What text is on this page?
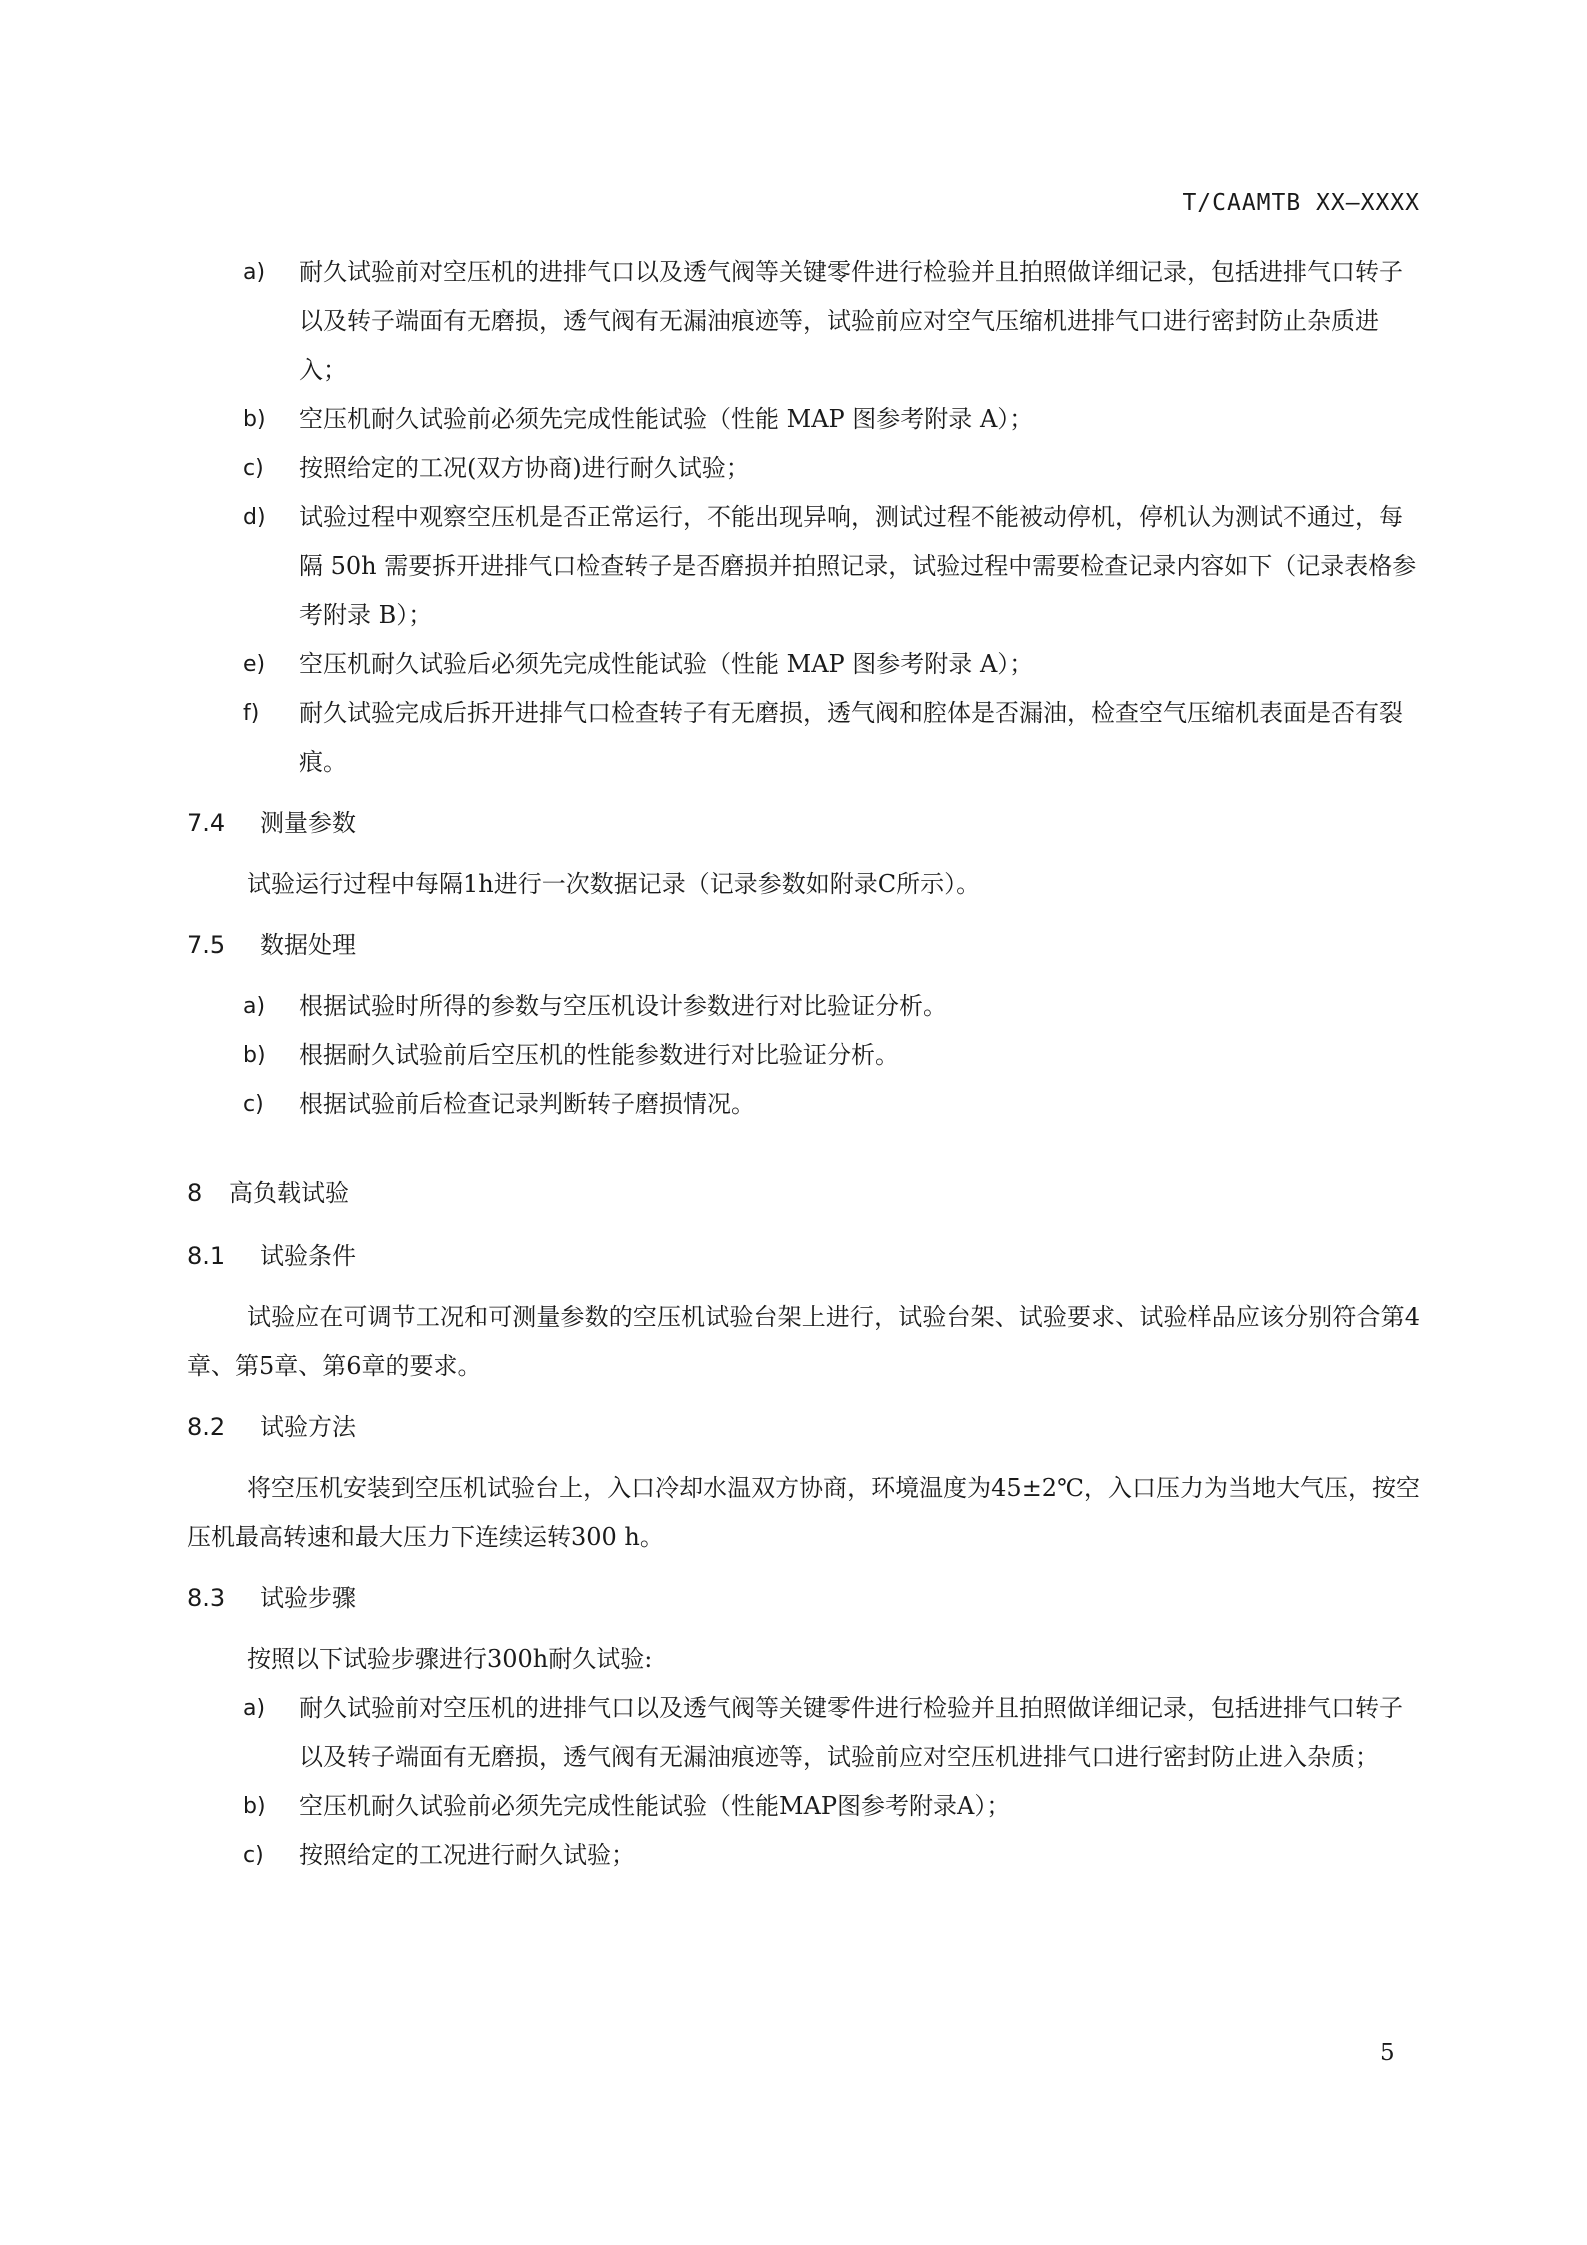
T/CAAMTB XX—XXXX
a) 耐久试验前对空压机的进排气口以及透气阀等关键零件进行检验并且拍照做详细记录，包括进排气口转子以及转子端面有无磨损，透气阀有无漏油痕迹等，试验前应对空气压缩机进排气口进行密封防止杂质进入；
b) 空压机耐久试验前必须先完成性能试验（性能 MAP 图参考附录 A）；
c) 按照给定的工况(双方协商)进行耐久试验；
d) 试验过程中观察空压机是否正常运行，不能出现异响，测试过程不能被动停机，停机认为测试不通过，每隔 50h 需要拆开进排气口检查转子是否磨损并拍照记录，试验过程中需要检查记录内容如下（记录表格参考附录 B）；
e) 空压机耐久试验后必须先完成性能试验（性能 MAP 图参考附录 A）；
f) 耐久试验完成后拆开进排气口检查转子有无磨损，透气阀和腔体是否漏油，检查空气压缩机表面是否有裂痕。
7.4 测量参数

试验运行过程中每隔1h进行一次数据记录（记录参数如附录C所示）。

7.5 数据处理
a) 根据试验时所得的参数与空压机设计参数进行对比验证分析。
b) 根据耐久试验前后空压机的性能参数进行对比验证分析。
c) 根据试验前后检查记录判断转子磨损情况。
8 高负载试验
8.1 试验条件

试验应在可调节工况和可测量参数的空压机试验台架上进行，试验台架、试验要求、试验样品应该分别符合第4章、第5章、第6章的要求。

8.2 试验方法

将空压机安装到空压机试验台上，入口冷却水温双方协商，环境温度为45±2℃，入口压力为当地大气压，按空压机最高转速和最大压力下连续运转300 h。

8.3 试验步骤

按照以下试验步骤进行300h耐久试验:

a) 耐久试验前对空压机的进排气口以及透气阀等关键零件进行检验并且拍照做详细记录，包括进排气口转子以及转子端面有无磨损，透气阀有无漏油痕迹等，试验前应对空压机进排气口进行密封防止进入杂质；
b) 空压机耐久试验前必须先完成性能试验（性能MAP图参考附录A）；
c) 按照给定的工况进行耐久试验；
5
